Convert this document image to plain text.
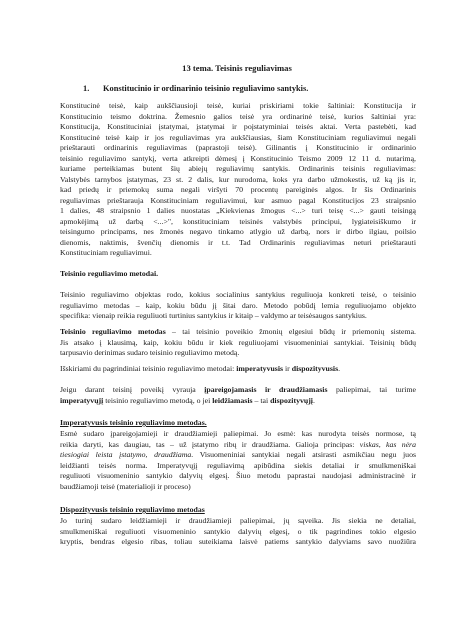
13 tema. Teisinis reguliavimas
1. Konstitucinio ir ordinarinio teisinio reguliavimo santykis.
Konstitucinė teisė, kaip aukščiausioji teisė, kuriai priskiriami tokie šaltiniai: Konstitucija ir
Konstitucinio teismo doktrina. Žemesnio galios teisė yra ordinarinė teisė, kurios šaltiniai yra:
Konstitucija, Konstituciniai įstatymai, įstatymai ir poįstatyminiai teisės aktai. Verta pastebėti, kad
Konstitucinė teisė kaip ir jos reguliavimas yra aukščiausias, šiam Konstituciniam reguliavimui negali
prieštarauti ordinarinis reguliavimas (paprastoji teisė). Gilinantis į Konstitucinio ir ordinarinio
teisinio reguliavimo santykį, verta atkreipti dėmesį į Konstitucinio Teismo 2009 12 11 d. nutarimą,
kuriame perteikiamas butent šių abiejų reguliavimų santykis. Ordinarinis teisinis reguliavimas:
Valstybės tarnybos įstatymas, 23 st. 2 dalis, kur nurodoma, koks yra darbo užmokestis, už ką jis ir,
kad priedų ir priemokų suma negali viršyti 70 procentų pareiginės algos. Ir šis Ordinarinis
reguliavimas prieštarauja Konstituciniam reguliavimui, kur asmuo pagal Konstitucijos 23 straipsnio
1 dalies, 48 straipsnio 1 dalies nuostatas „Kiekvienas žmogus <...> turi teisę <...> gauti teisingą
apmokėjimą už darbą <...>", konstituciniam teisinės valstybės principui, lygiateisiškumo ir
teisingumo principams, nes žmonės negavo tinkamo atlygio už darbą, nors ir dirbo ilgiau, poilsio
dienomis, naktimis, švenčių dienomis ir t.t. Tad Ordinarinis reguliavimas neturi prieštarauti
Konstituciniam reguliavimui.
Teisinio reguliavimo metodai.
Teisinio reguliavimo objektas rodo, kokius socialinius santykius reguliuoja konkreti teisė, o teisinio
reguliavimo metodas – kaip, kokiu būdu jį šitai daro. Metodo pobūdį lemia reguliuojamo objekto
specifika: vienaip reikia reguliuoti turtinius santykius ir kitaip – valdymo ar teisėsaugos santykius.
Teisinio reguliavimo metodas – tai teisinio poveikio žmonių elgesiui būdų ir priemonių sistema.
Jis atsako į klausimą, kaip, kokiu būdu ir kiek reguliuojami visuomeniniai santykiai. Teisinių būdų
tarpusavio derinimas sudaro teisinio reguliavimo metodą.
Išskiriami du pagrindiniai teisinio reguliavimo metodai: imperatyvusis ir dispozityvusis.
Jeigu darant teisinį poveikį vyrauja įpareigojamasis ir draudžiamasis paliepimai, tai turime
imperatyvųjį teisinio reguliavimo metodą, o jei leidžiamasis – tai dispozityvųjį.
Imperatyvusis teisinio reguliavimo metodas.
Esmė sudaro įpareigojamieji ir draudžiamieji paliepimai. Jo esmė: kas nurodyta teisės normose, tą
reikia daryti, kas daugiau, tas – už įstatymo ribų ir draudžiama. Galioja principas: viskas, kas nėra
tiesiogiai leista įstatymo, draudžiama. Visuomeniniai santykiai negali atsirasti asmikčiau negu juos
leidžianti teisės norma. Imperatyvųjį reguliavimą apibūdina siekis detaliai ir smulkmeniškai
reguliuoti visuomeninio santykio dalyvių elgesį. Šiuo metodu paprastai naudojasi administracinė ir
baudžiamoji teisė (materialioji ir proceso)
Dispozityvusis teisinio reguliavimo metodas
Jo turinį sudaro leidžiamieji ir draudžiamieji paliepimai, jų sąveika. Jis siekia ne detaliai,
smulkmeniškai reguliuoti visuomeninio santykio dalyvių elgesį, o tik pagrindines tokio elgesio
kryptis, bendras elgesio ribas, toliau suteikiama laisvė patiems santykio dalyviams savo nuožiūra
